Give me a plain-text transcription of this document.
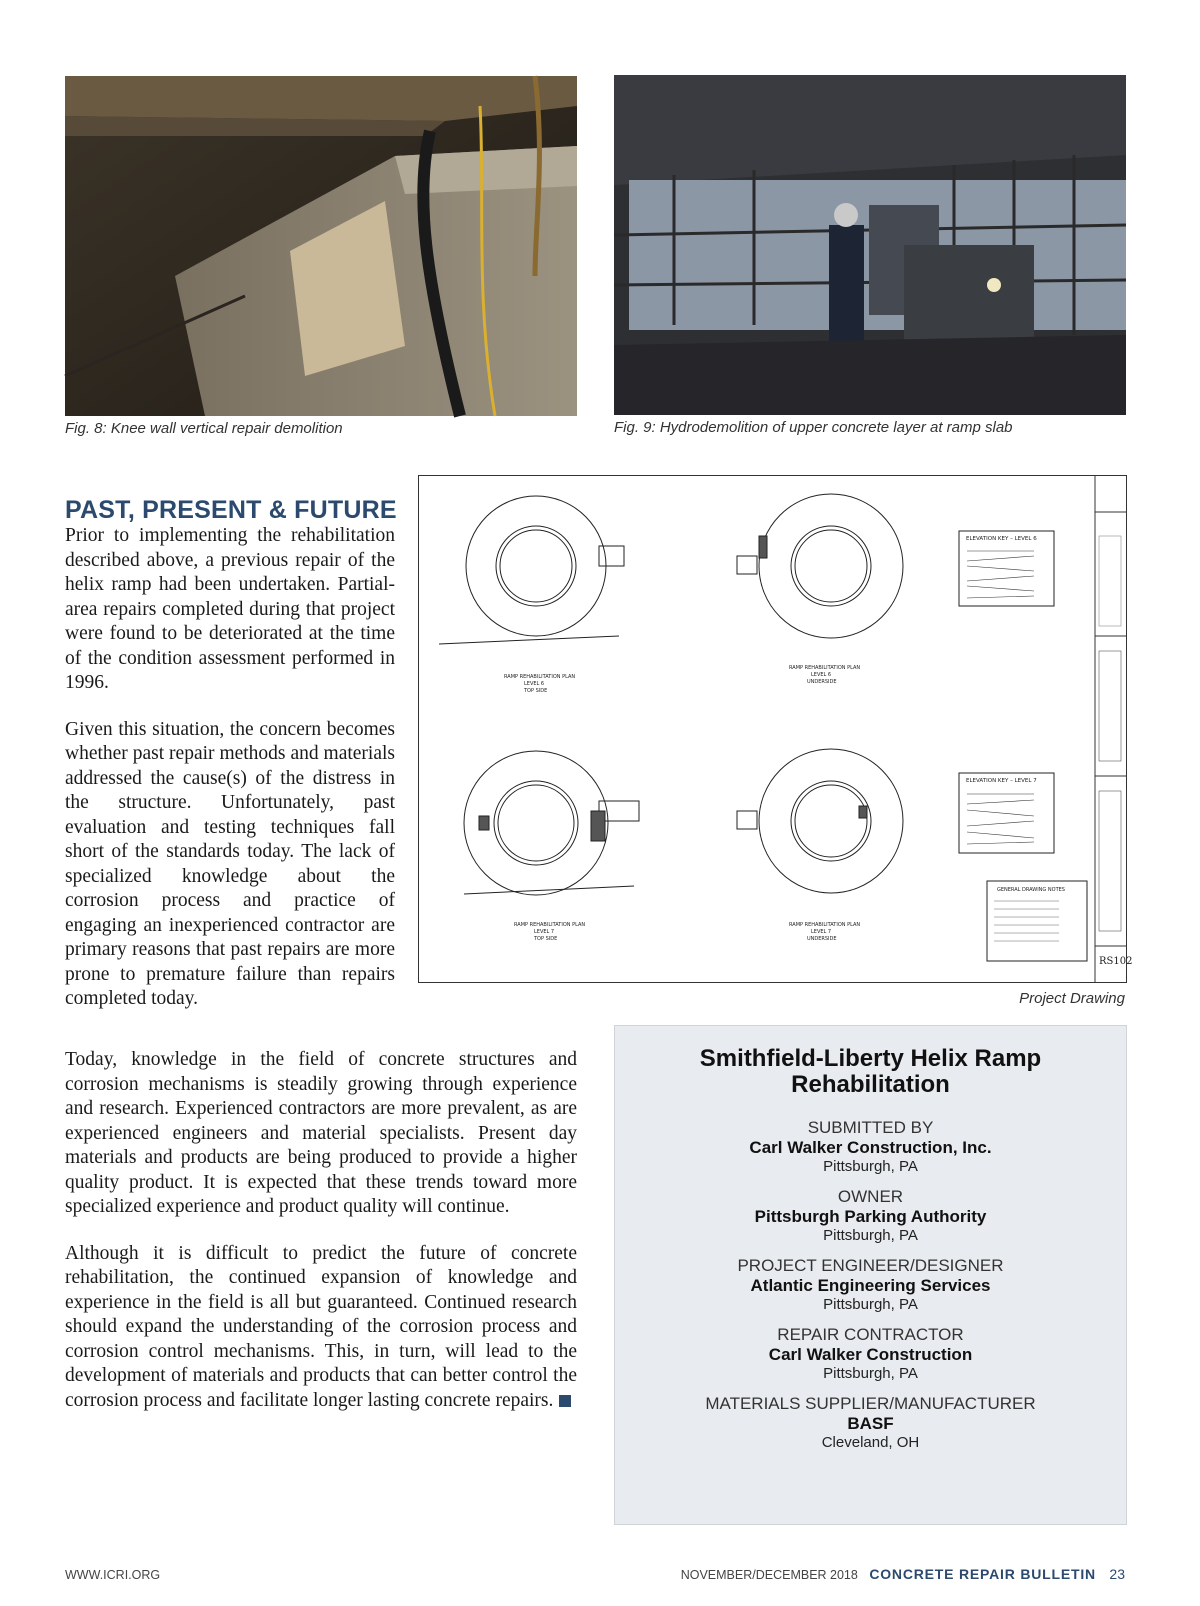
Fig. 8: Knee wall vertical repair demolition	Fig. 9: Hydrodemolition of upper concrete layer at ramp slab
ELEVATION KEY – LEVEL 6
ELEVATION KEY – LEVEL 7
GENERAL DRAWING NOTES
RAMP REHABILITATION PLAN
LEVEL 6
TOP SIDE
RAMP REHABILITATION PLAN
LEVEL 6
UNDERSIDE
RAMP REHABILITATION PLAN
LEVEL 7
TOP SIDE
RAMP REHABILITATION PLAN
LEVEL 7
UNDERSIDE
RS102
Project Drawing
PAST, PRESENT & FUTURE

Prior to implementing the rehabilitation described above, a previous repair of the helix ramp had been undertaken. Partial-area repairs completed during that project were found to be deteriorated at the time of the condition assessment performed in 1996.

Given this situation, the concern becomes whether past repair methods and materials addressed the cause(s) of the distress in the structure. Unfortunately, past evaluation and testing techniques fall short of the standards today. The lack of specialized knowledge about the corrosion process and practice of engaging an inexperienced contractor are primary reasons that past repairs are more prone to premature failure than repairs completed today.

Today, knowledge in the field of concrete structures and corrosion mechanisms is steadily growing through experience and research. Experienced contractors are more prevalent, as are experienced engineers and material specialists. Present day materials and products are being produced to provide a higher quality product. It is expected that these trends toward more specialized experience and product quality will continue.

Although it is difficult to predict the future of concrete rehabilitation, the continued expansion of knowledge and experience in the field is all but guaranteed. Continued research should expand the understanding of the corrosion process and corrosion control mechanisms. This, in turn, will lead to the development of materials and products that can better control the corrosion process and facilitate longer lasting concrete repairs.

Smithfield-Liberty Helix Ramp Rehabilitation
SUBMITTED BY
Carl Walker Construction, Inc.
Pittsburgh, PA
OWNER
Pittsburgh Parking Authority
Pittsburgh, PA
PROJECT ENGINEER/DESIGNER
Atlantic Engineering Services
Pittsburgh, PA
REPAIR CONTRACTOR
Carl Walker Construction
Pittsburgh, PA
MATERIALS SUPPLIER/MANUFACTURER
BASF
Cleveland, OH
WWW.ICRI.ORG	NOVEMBER/DECEMBER 2018 CONCRETE REPAIR BULLETIN 23
